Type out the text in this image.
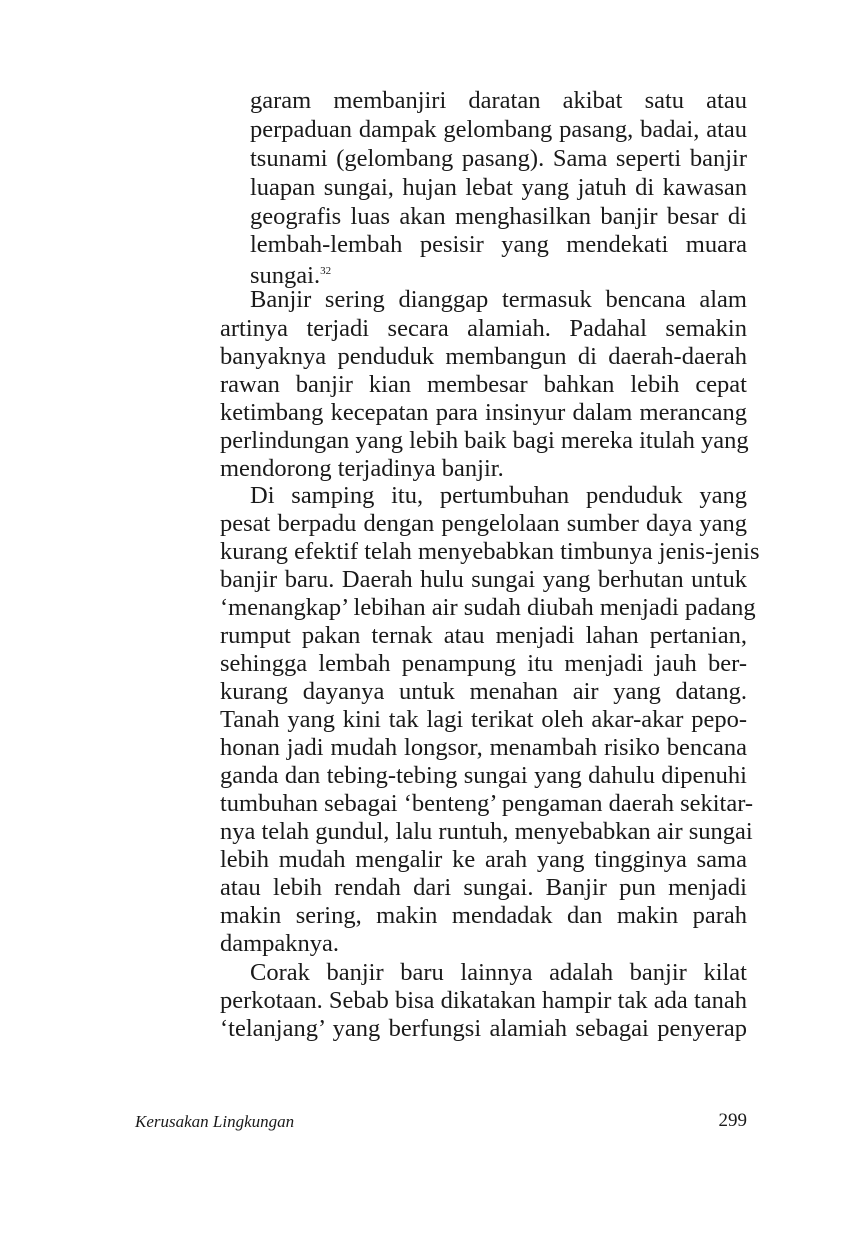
garam membanjiri daratan akibat satu atau
perpaduan dampak gelombang pasang, badai, atau
tsunami (gelombang pasang). Sama seperti banjir
luapan sungai, hujan lebat yang jatuh di kawasan
geografis luas akan menghasilkan banjir besar di
lembah-lembah pesisir yang mendekati muara
sungai.$^{32}$
Banjir sering dianggap termasuk bencana alam
artinya terjadi secara alamiah. Padahal semakin
banyaknya penduduk membangun di daerah-daerah
rawan banjir kian membesar bahkan lebih cepat
ketimbang kecepatan para insinyur dalam merancang
perlindungan yang lebih baik bagi mereka itulah yang
mendorong terjadinya banjir.
Di samping itu, pertumbuhan penduduk yang
pesat berpadu dengan pengelolaan sumber daya yang
kurang efektif telah menyebabkan timbunya jenis-jenis
banjir baru. Daerah hulu sungai yang berhutan untuk
‘menangkap’ lebihan air sudah diubah menjadi padang
rumput pakan ternak atau menjadi lahan pertanian,
sehingga lembah penampung itu menjadi jauh ber-
kurang dayanya untuk menahan air yang datang.
Tanah yang kini tak lagi terikat oleh akar-akar pepo-
honan jadi mudah longsor, menambah risiko bencana
ganda dan tebing-tebing sungai yang dahulu dipenuhi
tumbuhan sebagai ‘benteng’ pengaman daerah sekitar-
nya telah gundul, lalu runtuh, menyebabkan air sungai
lebih mudah mengalir ke arah yang tingginya sama
atau lebih rendah dari sungai. Banjir pun menjadi
makin sering, makin mendadak dan makin parah
dampaknya.
Corak banjir baru lainnya adalah banjir kilat
perkotaan. Sebab bisa dikatakan hampir tak ada tanah
‘telanjang’ yang berfungsi alamiah sebagai penyerap
Kerusakan Lingkungan	299
